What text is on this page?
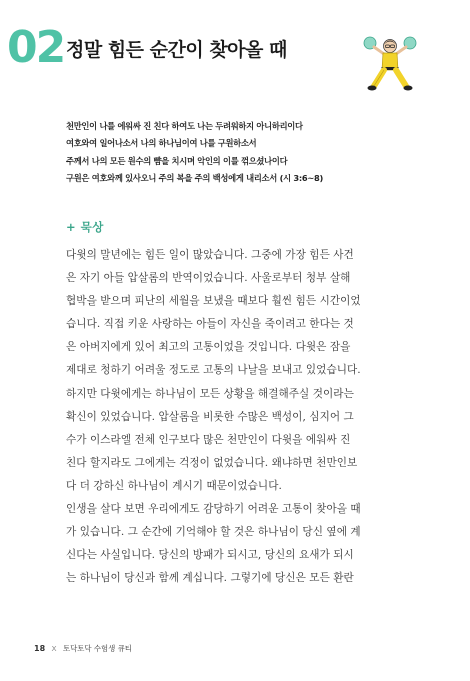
02 정말 힘든 순간이 찾아올 때
천만인이 나를 에워싸 진 친다 하여도 나는 두려워하지 아니하리이다
여호와여 일어나소서 나의 하나님이여 나를 구원하소서
주께서 나의 모든 원수의 뺨을 치시며 악인의 이를 꺾으셨나이다
구원은 여호와께 있사오니 주의 복을 주의 백성에게 내리소서 (시 3:6~8)
+ 묵상
다윗의 말년에는 힘든 일이 많았습니다. 그중에 가장 힘든 사건
은 자기 아들 압살롬의 반역이었습니다. 사울로부터 청부 살해
협박을 받으며 피난의 세월을 보냈을 때보다 훨씬 힘든 시간이었
습니다. 직접 키운 사랑하는 아들이 자신을 죽이려고 한다는 것
은 아버지에게 있어 최고의 고통이었을 것입니다. 다윗은 잠을
제대로 청하기 어려울 정도로 고통의 나날을 보내고 있었습니다.
하지만 다윗에게는 하나님이 모든 상황을 해결해주실 것이라는
확신이 있었습니다. 압살롬을 비롯한 수많은 백성이, 심지어 그
수가 이스라엘 전체 인구보다 많은 천만인이 다윗을 에워싸 진
친다 할지라도 그에게는 걱정이 없었습니다. 왜냐하면 천만인보
다 더 강하신 하나님이 계시기 때문이었습니다.
인생을 살다 보면 우리에게도 감당하기 어려운 고통이 찾아올 때
가 있습니다. 그 순간에 기억해야 할 것은 하나님이 당신 옆에 계
신다는 사실입니다. 당신의 방패가 되시고, 당신의 요새가 되시
는 하나님이 당신과 함께 계십니다. 그렇기에 당신은 모든 환란
18 X 토닥토닥 수험생 큐티
